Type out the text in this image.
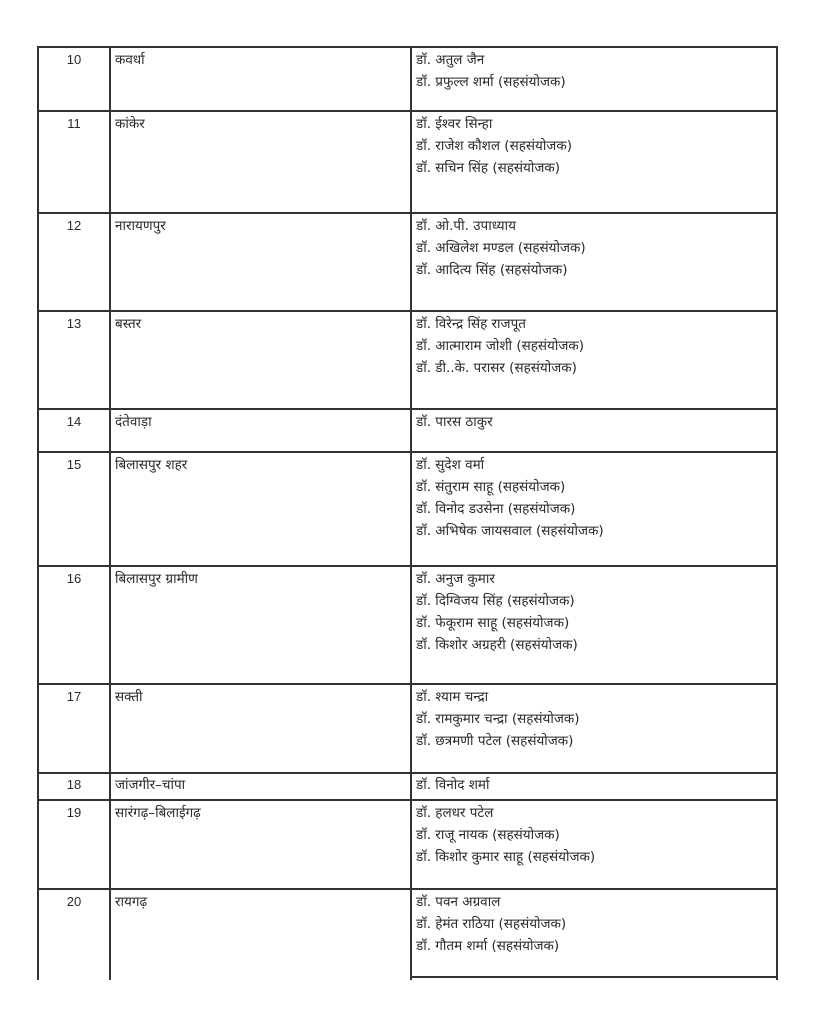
10	कवर्धा	डॉ. अतुल जैन
डॉ. प्रफुल्ल शर्मा (सहसंयोजक)
11	कांकेर	डॉ. ईश्वर सिन्हा
डॉ. राजेश कौशल (सहसंयोजक)
डॉ. सचिन सिंह (सहसंयोजक)
12	नारायणपुर	डॉ. ओ.पी. उपाध्याय
डॉ. अखिलेश मण्डल (सहसंयोजक)
डॉ. आदित्य सिंह (सहसंयोजक)
13	बस्तर	डॉ. विरेन्द्र सिंह राजपूत
डॉ. आत्माराम जोशी (सहसंयोजक)
डॉ. डी..के. परासर (सहसंयोजक)
14	दंतेवाड़ा	डॉ. पारस ठाकुर
15	बिलासपुर शहर	डॉ. सुदेश वर्मा
डॉ. संतुराम साहू (सहसंयोजक)
डॉ. विनोद डउसेना (सहसंयोजक)
डॉ. अभिषेक जायसवाल (सहसंयोजक)
16	बिलासपुर ग्रामीण	डॉ. अनुज कुमार
डॉ. दिग्विजय सिंह (सहसंयोजक)
डॉ. फेकूराम साहू (सहसंयोजक)
डॉ. किशोर अग्रहरी (सहसंयोजक)
17	सक्ती	डॉ. श्याम चन्द्रा
डॉ. रामकुमार चन्द्रा (सहसंयोजक)
डॉ. छत्रमणी पटेल (सहसंयोजक)
18	जांजगीर–चांपा	डॉ. विनोद शर्मा
19	सारंगढ़–बिलाईगढ़	डॉ. हलधर पटेल
डॉ. राजू नायक (सहसंयोजक)
डॉ. किशोर कुमार साहू (सहसंयोजक)
20	रायगढ़	डॉ. पवन अग्रवाल
डॉ. हेमंत राठिया (सहसंयोजक)
डॉ. गौतम शर्मा (सहसंयोजक)
